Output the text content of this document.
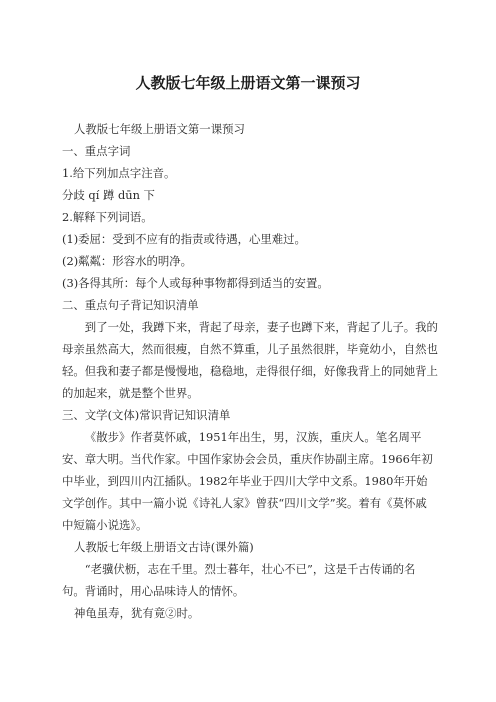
人教版七年级上册语文第一课预习

人教版七年级上册语文第一课预习

一、重点字词

1.给下列加点字注音。

分歧 qí 蹲 dūn 下

2.解释下列词语。

(1)委屈：受到不应有的指责或待遇，心里难过。

(2)粼粼：形容水的明净。

(3)各得其所：每个人或每种事物都得到适当的安置。

二、重点句子背记知识清单

到了一处，我蹲下来，背起了母亲，妻子也蹲下来，背起了儿子。我的母亲虽然高大，然而很瘦，自然不算重，儿子虽然很胖，毕竟幼小，自然也轻。但我和妻子都是慢慢地，稳稳地，走得很仔细，好像我背上的同她背上的加起来，就是整个世界。

三、文学(文体)常识背记知识清单

《散步》作者莫怀戚，1951年出生，男，汉族，重庆人。笔名周平安、章大明。当代作家。中国作家协会会员，重庆作协副主席。1966年初中毕业，到四川内江插队。1982年毕业于四川大学中文系。1980年开始文学创作。其中一篇小说《诗礼人家》曾获“四川文学”奖。着有《莫怀戚中短篇小说选》。

人教版七年级上册语文古诗(课外篇)

“老骥伏枥，志在千里。烈士暮年，壮心不已”，这是千古传诵的名句。背诵时，用心品味诗人的情怀。

神龟虽寿，犹有竟②时。
